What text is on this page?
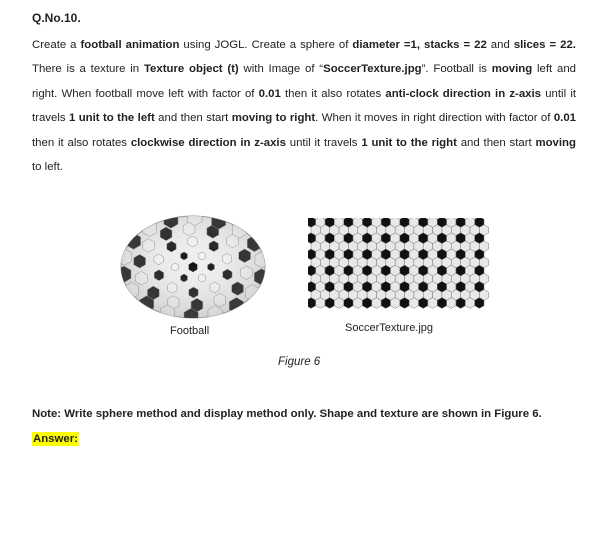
Q.No.10.

Create a football animation using JOGL. Create a sphere of diameter =1, stacks = 22 and slices = 22. There is a texture in Texture object (t) with Image of “SoccerTexture.jpg”. Football is moving left and right. When football move left with factor of 0.01 then it also rotates anti-clock direction in z-axis until it travels 1 unit to the left and then start moving to right. When it moves in right direction with factor of 0.01 then it also rotates clockwise direction in z-axis until it travels 1 unit to the right and then start moving to left.

Football	SoccerTexture.jpg
Figure 6
Note: Write sphere method and display method only. Shape and texture are shown in Figure 6.
Answer:
